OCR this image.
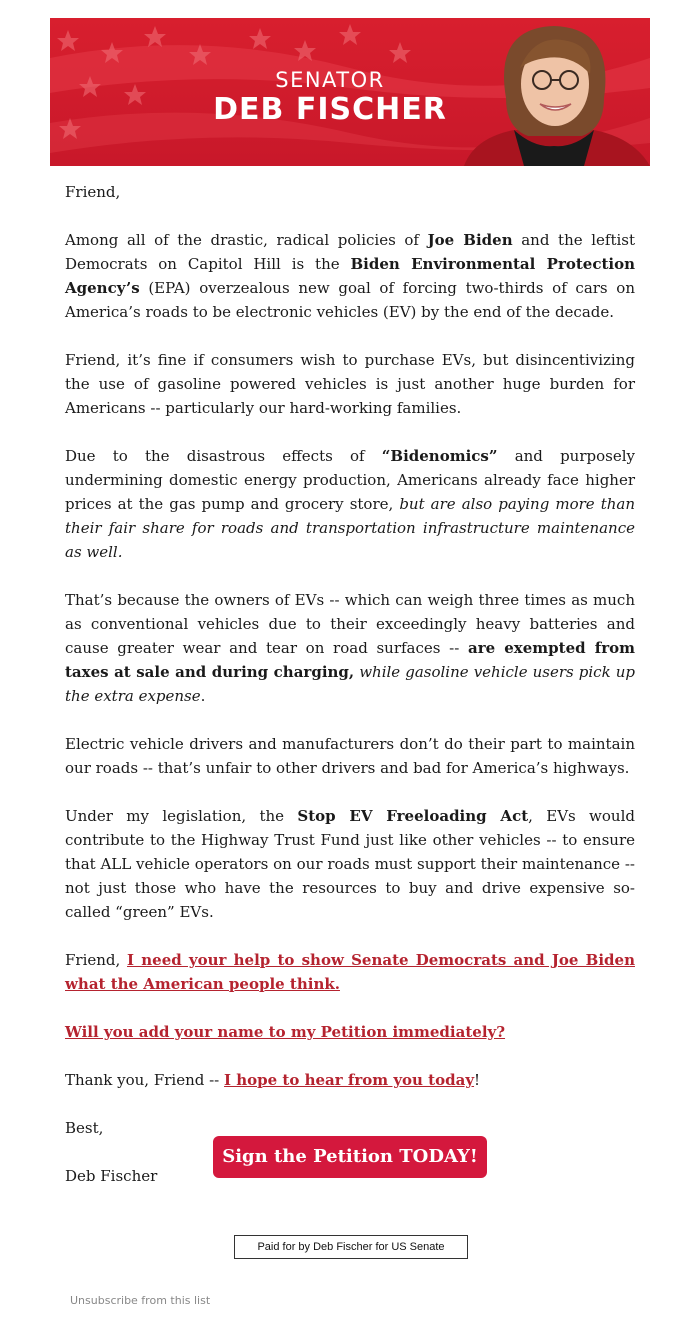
SENATOR
DEB FISCHER

Friend,

Among all of the drastic, radical policies of Joe Biden and the leftist Democrats on Capitol Hill is the Biden Environmental Protection Agency’s (EPA) overzealous new goal of forcing two-thirds of cars on America’s roads to be electronic vehicles (EV) by the end of the decade.

Friend, it’s fine if consumers wish to purchase EVs, but disincentivizing the use of gasoline powered vehicles is just another huge burden for Americans -- particularly our hard-working families.

Due to the disastrous effects of “Bidenomics” and purposely undermining domestic energy production, Americans already face higher prices at the gas pump and grocery store, but are also paying more than their fair share for roads and transportation infrastructure maintenance as well.

That’s because the owners of EVs -- which can weigh three times as much as conventional vehicles due to their exceedingly heavy batteries and cause greater wear and tear on road surfaces -- are exempted from taxes at sale and during charging, while gasoline vehicle users pick up the extra expense.

Electric vehicle drivers and manufacturers don’t do their part to maintain our roads -- that’s unfair to other drivers and bad for America’s highways.

Under my legislation, the Stop EV Freeloading Act, EVs would contribute to the Highway Trust Fund just like other vehicles -- to ensure that ALL vehicle operators on our roads must support their maintenance -- not just those who have the resources to buy and drive expensive so-called “green” EVs.

Friend, I need your help to show Senate Democrats and Joe Biden what the American people think.

Will you add your name to my Petition immediately?

Thank you, Friend -- I hope to hear from you today!

Best,

Deb Fischer

Sign the Petition TODAY!
Paid for by Deb Fischer for US Senate
Unsubscribe from this list
